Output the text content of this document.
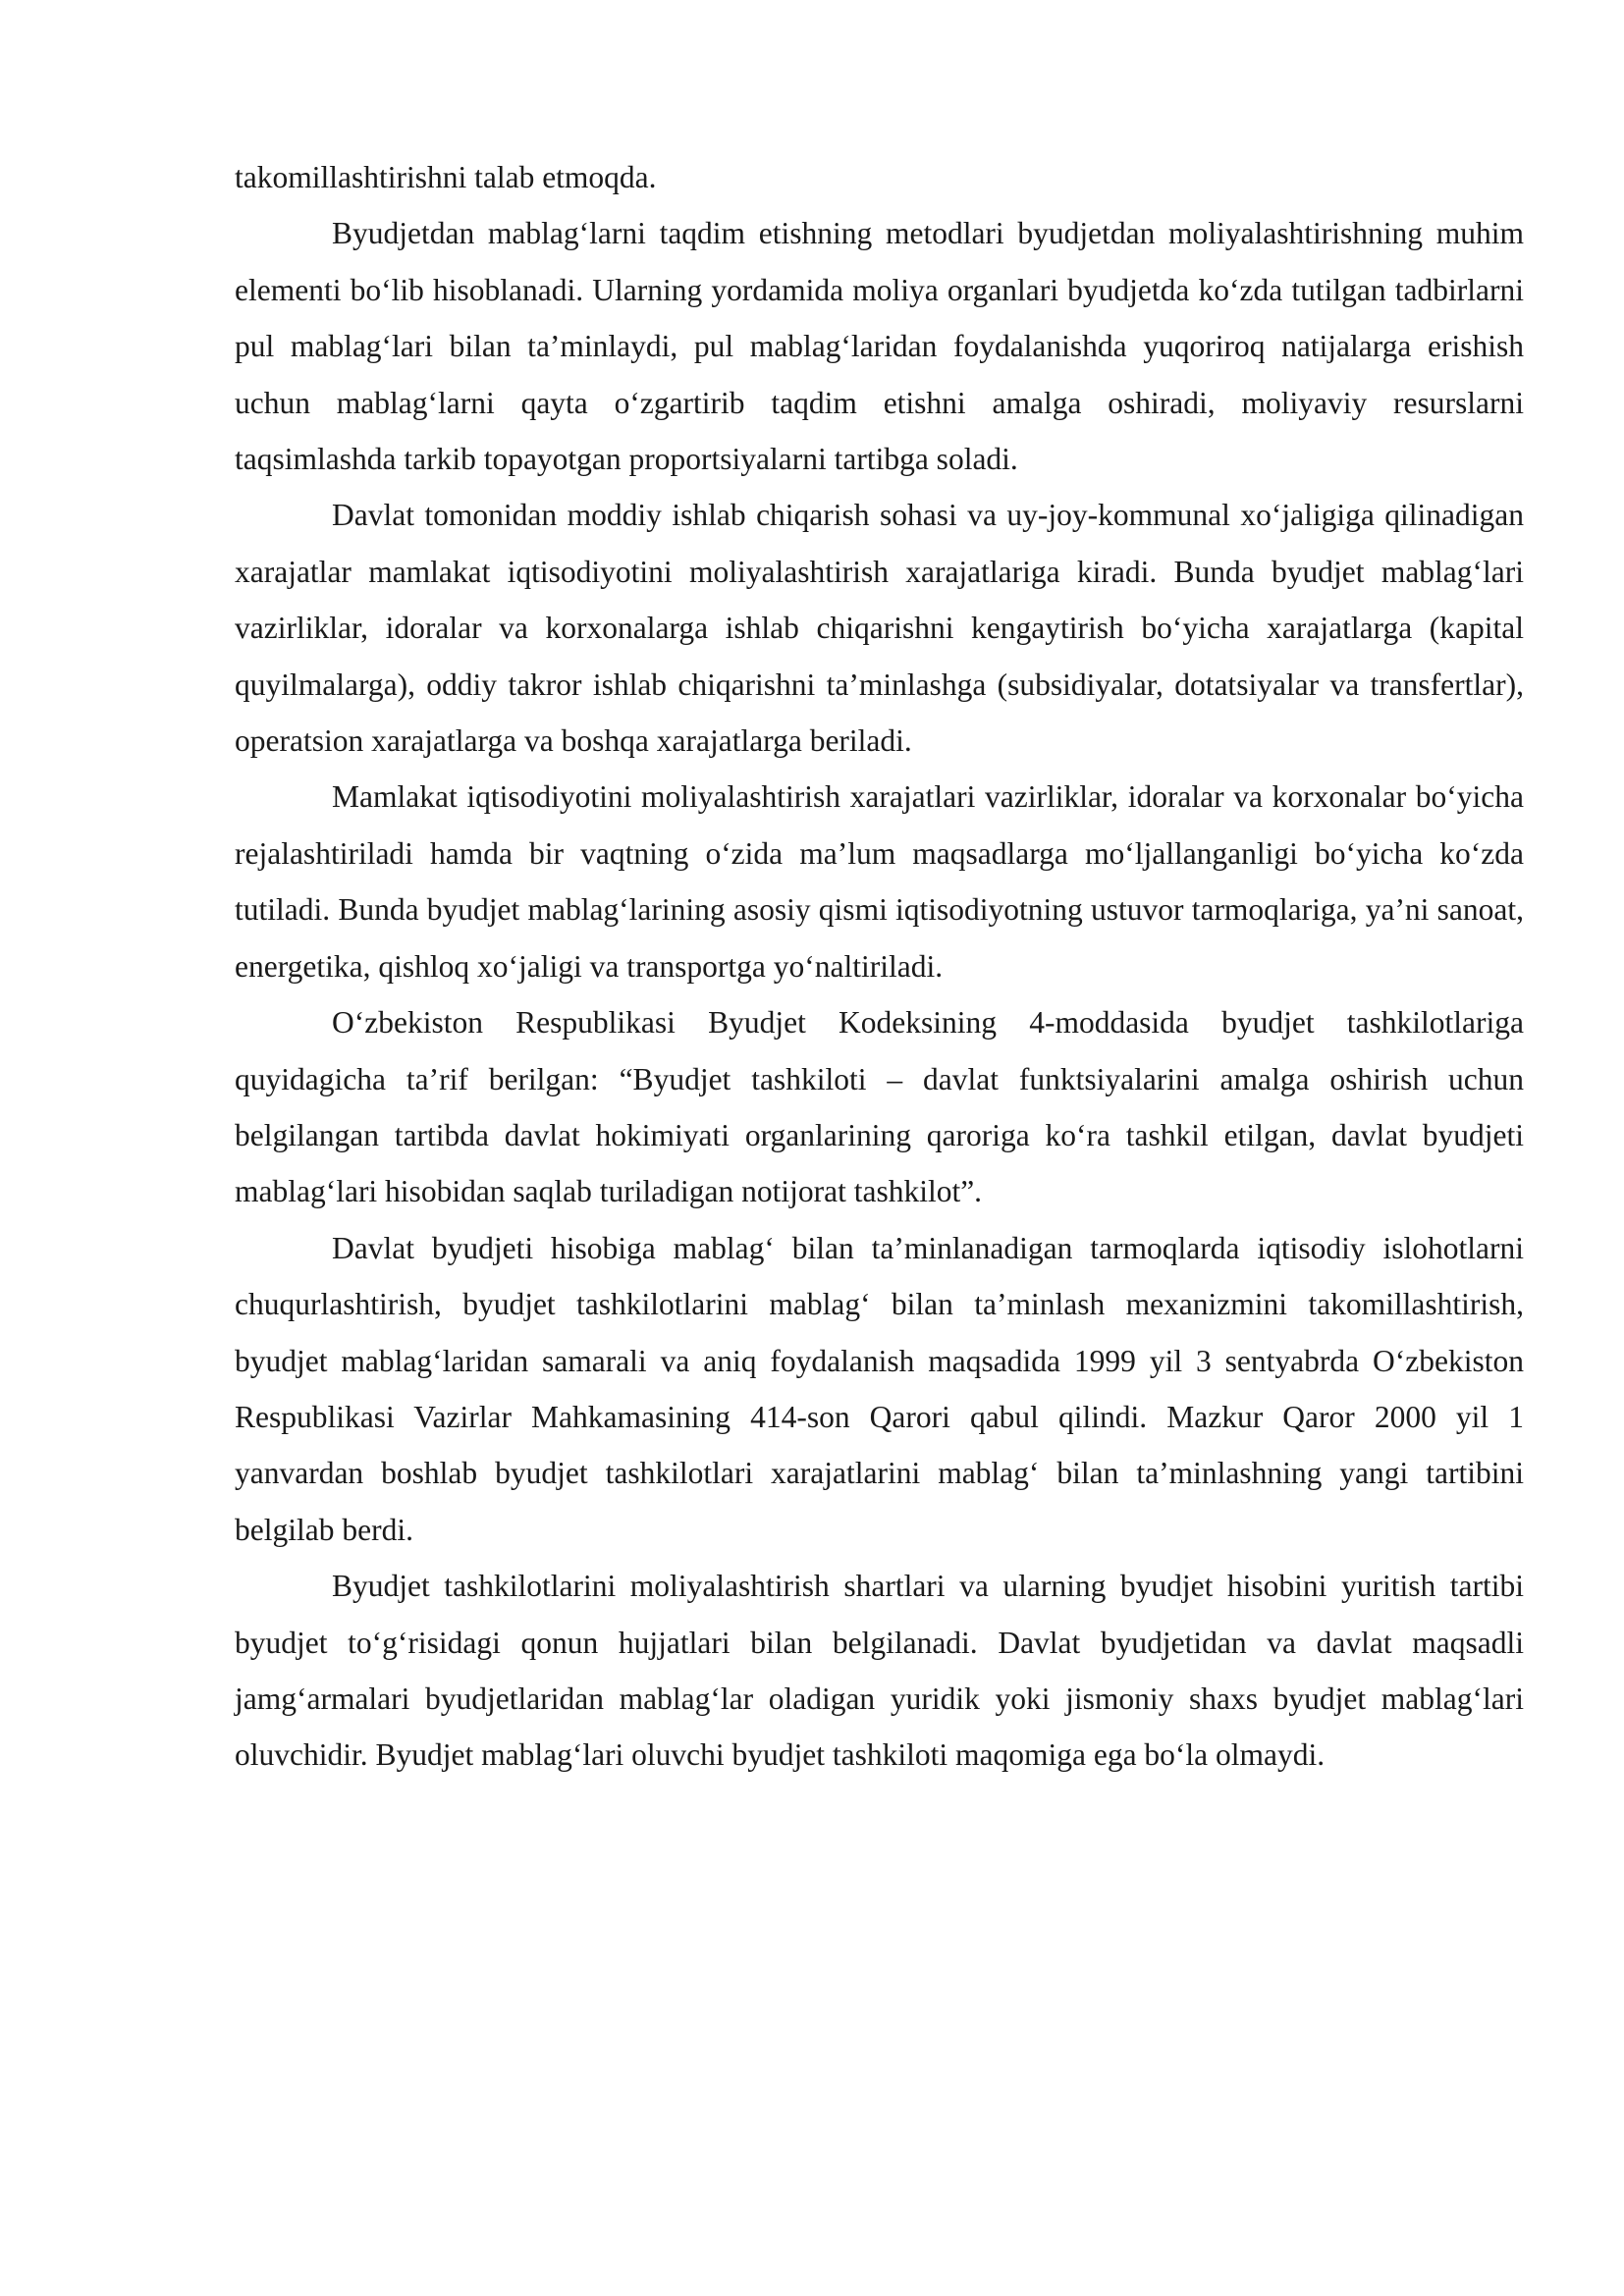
takomillashtirishni talab etmoqda.

Byudjetdan mablag‘larni taqdim etishning metodlari byudjetdan moliyalashtirishning muhim elementi bo‘lib hisoblanadi. Ularning yordamida moliya organlari byudjetda ko‘zda tutilgan tadbirlarni pul mablag‘lari bilan ta’minlaydi, pul mablag‘laridan foydalanishda yuqoriroq natijalarga erishish uchun mablag‘larni qayta o‘zgartirib taqdim etishni amalga oshiradi, moliyaviy resurslarni taqsimlashda tarkib topayotgan proportsiyalarni tartibga soladi.

Davlat tomonidan moddiy ishlab chiqarish sohasi va uy-joy-kommunal xo‘jaligiga qilinadigan xarajatlar mamlakat iqtisodiyotini moliyalashtirish xarajatlariga kiradi. Bunda byudjet mablag‘lari vazirliklar, idoralar va korxonalarga ishlab chiqarishni kengaytirish bo‘yicha xarajatlarga (kapital quyilmalarga), oddiy takror ishlab chiqarishni ta’minlashga (subsidiyalar, dotatsiyalar va transfertlar), operatsion xarajatlarga va boshqa xarajatlarga beriladi.

Mamlakat iqtisodiyotini moliyalashtirish xarajatlari vazirliklar, idoralar va korxonalar bo‘yicha rejalashtiriladi hamda bir vaqtning o‘zida ma’lum maqsadlarga mo‘ljallanganligi bo‘yicha ko‘zda tutiladi. Bunda byudjet mablag‘larining asosiy qismi iqtisodiyotning ustuvor tarmoqlariga, ya’ni sanoat, energetika, qishloq xo‘jaligi va transportga yo‘naltiriladi.

O‘zbekiston Respublikasi Byudjet Kodeksining 4-moddasida byudjet tashkilotlariga quyidagicha ta’rif berilgan: “Byudjet tashkiloti – davlat funktsiyalarini amalga oshirish uchun belgilangan tartibda davlat hokimiyati organlarining qaroriga ko‘ra tashkil etilgan, davlat byudjeti mablag‘lari hisobidan saqlab turiladigan notijorat tashkilot”.

Davlat byudjeti hisobiga mablag‘ bilan ta’minlanadigan tarmoqlarda iqtisodiy islohotlarni chuqurlashtirish, byudjet tashkilotlarini mablag‘ bilan ta’minlash mexanizmini takomillashtirish, byudjet mablag‘laridan samarali va aniq foydalanish maqsadida 1999 yil 3 sentyabrda O‘zbekiston Respublikasi Vazirlar Mahkamasining 414-son Qarori qabul qilindi. Mazkur Qaror 2000 yil 1 yanvardan boshlab byudjet tashkilotlari xarajatlarini mablag‘ bilan ta’minlashning yangi tartibini belgilab berdi.

Byudjet tashkilotlarini moliyalashtirish shartlari va ularning byudjet hisobini yuritish tartibi byudjet to‘g‘risidagi qonun hujjatlari bilan belgilanadi. Davlat byudjetidan va davlat maqsadli jamg‘armalari byudjetlaridan mablag‘lar oladigan yuridik yoki jismoniy shaxs byudjet mablag‘lari oluvchidir. Byudjet mablag‘lari oluvchi byudjet tashkiloti maqomiga ega bo‘la olmaydi.
